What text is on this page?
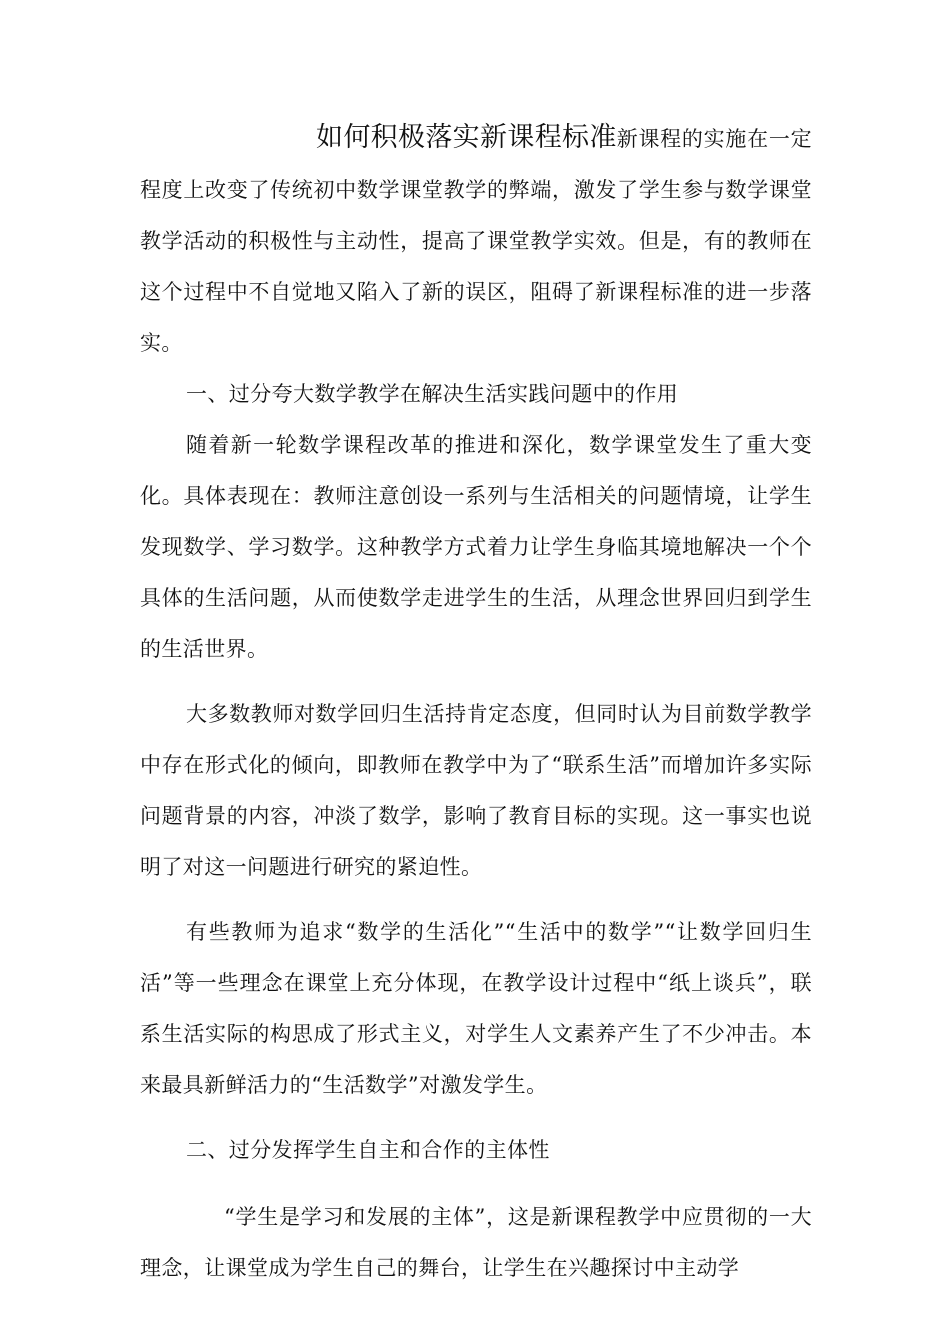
如何积极落实新课程标准新课程的实施在一定程度上改变了传统初中数学课堂教学的弊端，激发了学生参与数学课堂教学活动的积极性与主动性，提高了课堂教学实效。但是，有的教师在这个过程中不自觉地又陷入了新的误区，阻碍了新课程标准的进一步落实。

一、过分夸大数学教学在解决生活实践问题中的作用

随着新一轮数学课程改革的推进和深化，数学课堂发生了重大变化。具体表现在：教师注意创设一系列与生活相关的问题情境，让学生发现数学、学习数学。这种教学方式着力让学生身临其境地解决一个个具体的生活问题，从而使数学走进学生的生活，从理念世界回归到学生的生活世界。

大多数教师对数学回归生活持肯定态度，但同时认为目前数学教学中存在形式化的倾向，即教师在教学中为了“联系生活”而增加许多实际问题背景的内容，冲淡了数学，影响了教育目标的实现。这一事实也说明了对这一问题进行研究的紧迫性。

有些教师为追求“数学的生活化”“生活中的数学”“让数学回归生活”等一些理念在课堂上充分体现，在教学设计过程中“纸上谈兵”，联系生活实际的构思成了形式主义，对学生人文素养产生了不少冲击。本来最具新鲜活力的“生活数学”对激发学生。

二、过分发挥学生自主和合作的主体性

“学生是学习和发展的主体”，这是新课程教学中应贯彻的一大理念，让课堂成为学生自己的舞台，让学生在兴趣探讨中主动学
